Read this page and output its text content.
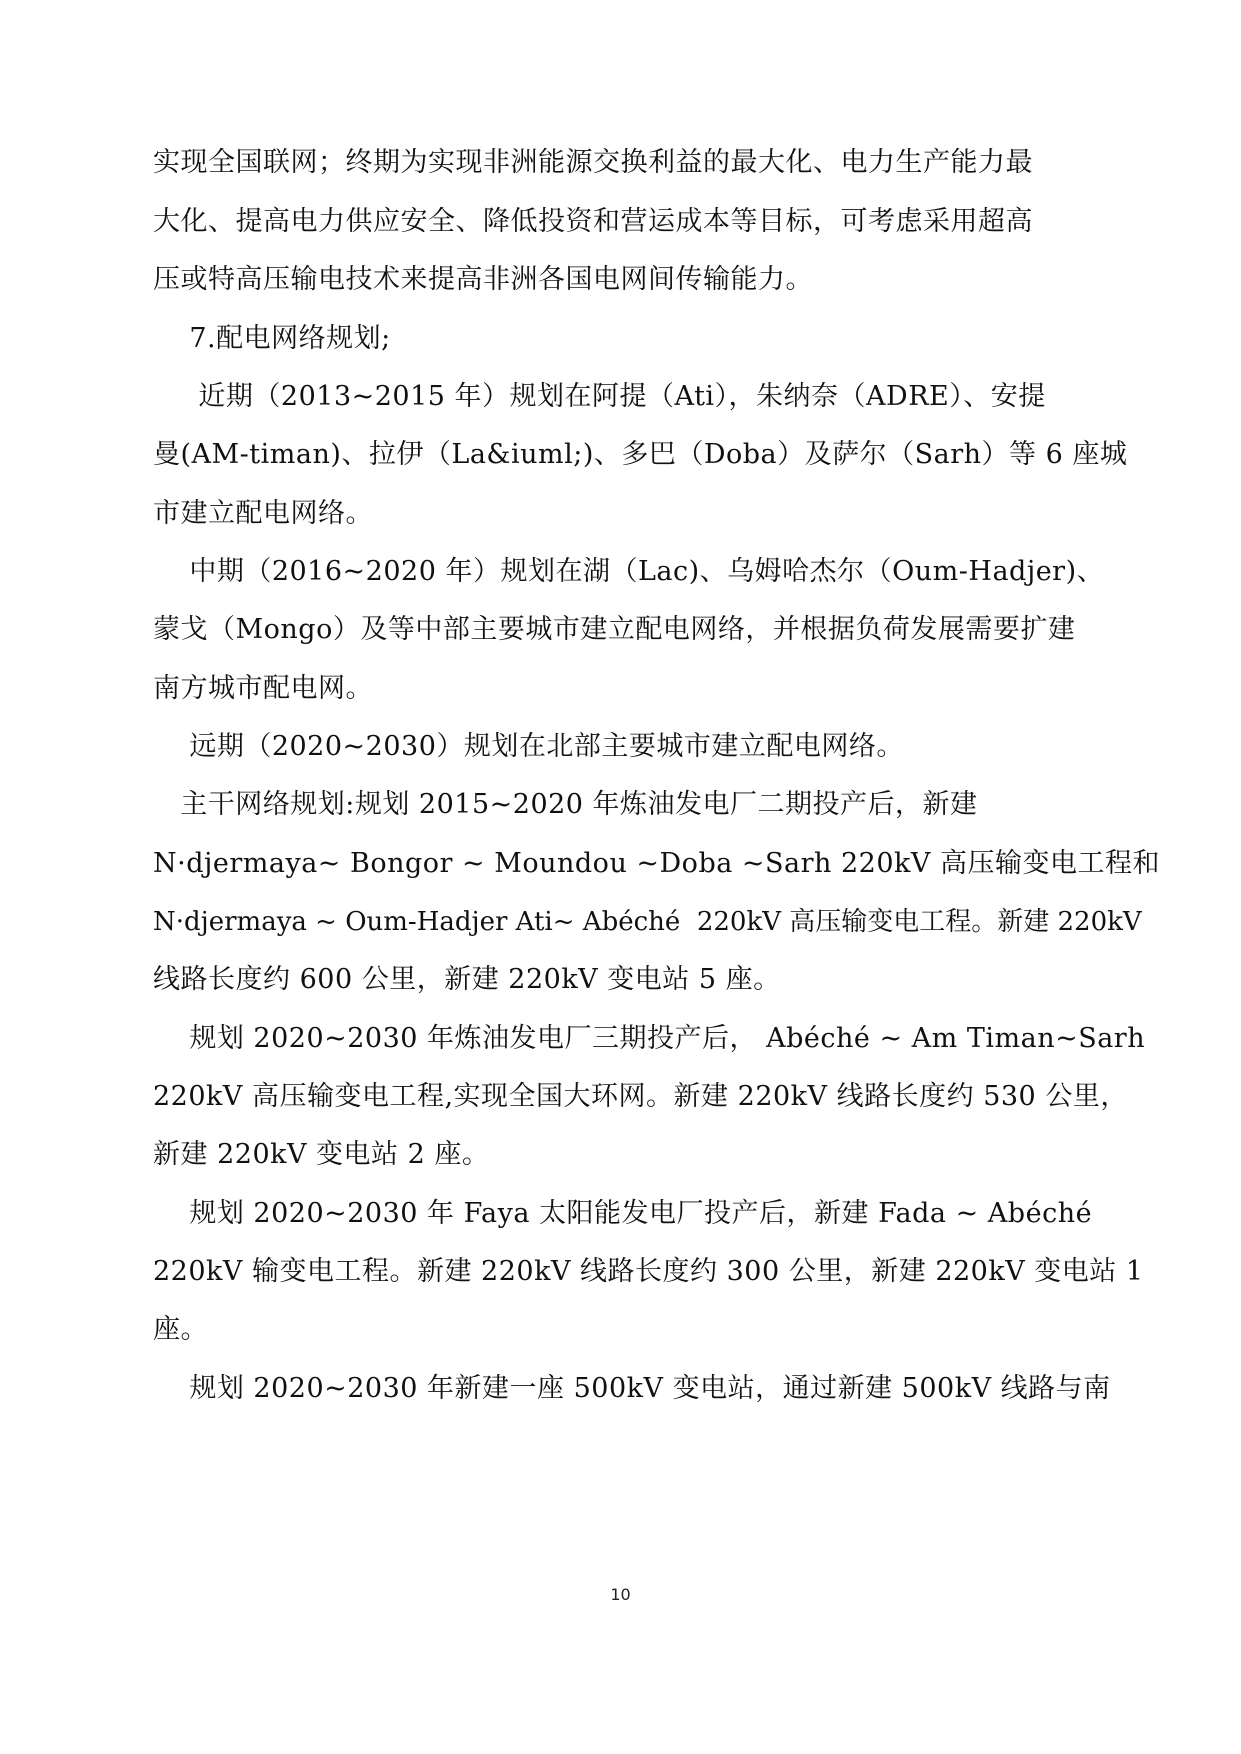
实现全国联网；终期为实现非洲能源交换利益的最大化、电力生产能力最
大化、提高电力供应安全、降低投资和营运成本等目标，可考虑采用超高
压或特高压输电技术来提高非洲各国电网间传输能力。
7.配电网络规划;
近期（2013~2015 年）规划在阿提（Ati），朱纳奈（ADRE）、安提
曼(AM-timan)、拉伊（La&iuml;)、多巴（Doba）及萨尔（Sarh）等 6 座城
市建立配电网络。
中期（2016~2020 年）规划在湖（Lac)、乌姆哈杰尔（Oum-Hadjer)、
蒙戈（Mongo）及等中部主要城市建立配电网络，并根据负荷发展需要扩建
南方城市配电网。
远期（2020~2030）规划在北部主要城市建立配电网络。
主干网络规划:规划 2015~2020 年炼油发电厂二期投产后，新建
N·djermaya~ Bongor ~ Moundou ~Doba ~Sarh 220kV 高压输变电工程和
N·djermaya ~ Oum-Hadjer Ati~ Abéché  220kV 高压输变电工程。新建 220kV
线路长度约 600 公里，新建 220kV 变电站 5 座。
规划 2020~2030 年炼油发电厂三期投产后， Abéché ~ Am Timan~Sarh
220kV 高压输变电工程,实现全国大环网。新建 220kV 线路长度约 530 公里，
新建 220kV 变电站 2 座。
规划 2020~2030 年 Faya 太阳能发电厂投产后，新建 Fada ~ Abéché
220kV 输变电工程。新建 220kV 线路长度约 300 公里，新建 220kV 变电站 1
座。
规划 2020~2030 年新建一座 500kV 变电站，通过新建 500kV 线路与南
10
